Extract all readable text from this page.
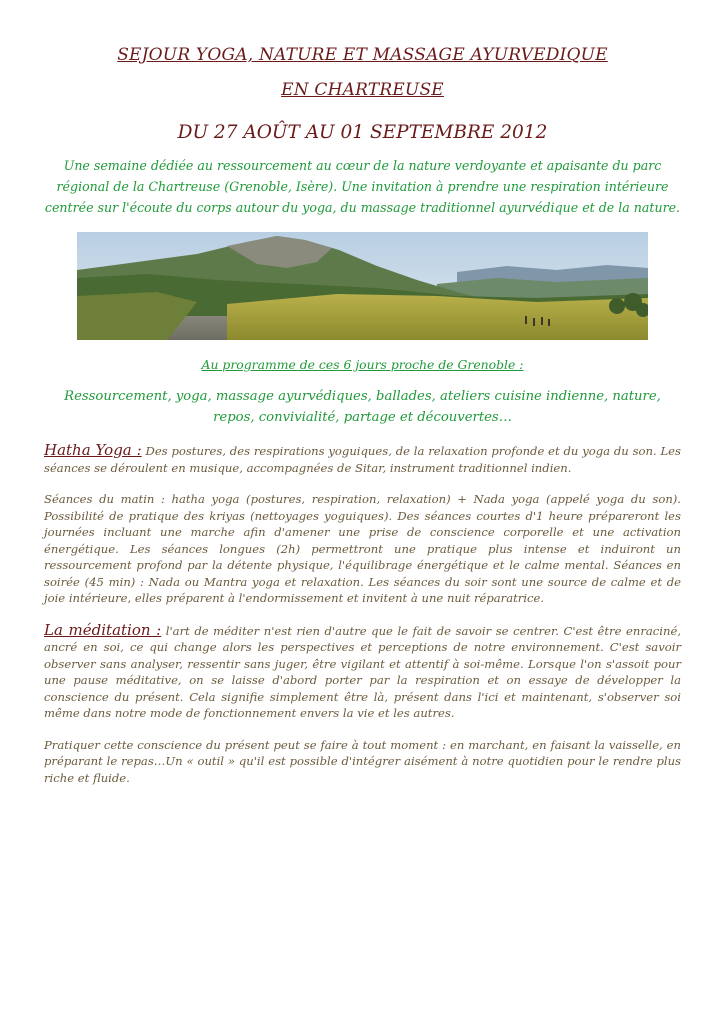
SEJOUR YOGA, NATURE ET MASSAGE AYURVEDIQUE

EN CHARTREUSE

DU 27 AOÛT AU 01 SEPTEMBRE 2012

Une semaine dédiée au ressourcement au cœur de la nature verdoyante et apaisante du parc régional de la Chartreuse (Grenoble, Isère). Une invitation à prendre une respiration intérieure centrée sur l'écoute du corps autour du yoga, du massage traditionnel ayurvédique et de la nature.

Au programme de ces 6 jours proche de Grenoble :

Ressourcement, yoga, massage ayurvédiques, ballades, ateliers cuisine indienne, nature, repos, convivialité, partage et découvertes…

Hatha Yoga : Des postures, des respirations yoguiques, de la relaxation profonde et du yoga du son. Les séances se déroulent en musique, accompagnées de Sitar, instrument traditionnel indien.

Séances du matin : hatha yoga (postures, respiration, relaxation) + Nada yoga (appelé yoga du son). Possibilité de pratique des kriyas (nettoyages yoguiques). Des séances courtes d'1 heure prépareront les journées incluant une marche afin d'amener une prise de conscience corporelle et une activation énergétique. Les séances longues (2h) permettront une pratique plus intense et induiront un ressourcement profond par la détente physique, l'équilibrage énergétique et le calme mental. Séances en soirée (45 min) : Nada ou Mantra yoga et relaxation. Les séances du soir sont une source de calme et de joie intérieure, elles préparent à l'endormissement et invitent à une nuit réparatrice.

La méditation : l'art de méditer n'est rien d'autre que le fait de savoir se centrer. C'est être enraciné, ancré en soi, ce qui change alors les perspectives et perceptions de notre environnement. C'est savoir observer sans analyser, ressentir sans juger, être vigilant et attentif à soi-même. Lorsque l'on s'assoit pour une pause méditative, on se laisse d'abord porter par la respiration et on essaye de développer la conscience du présent. Cela signifie simplement être là, présent dans l'ici et maintenant, s'observer soi même dans notre mode de fonctionnement envers la vie et les autres.

Pratiquer cette conscience du présent peut se faire à tout moment : en marchant, en faisant la vaisselle, en préparant le repas…Un « outil » qu'il est possible d'intégrer aisément à notre quotidien pour le rendre plus riche et fluide.
